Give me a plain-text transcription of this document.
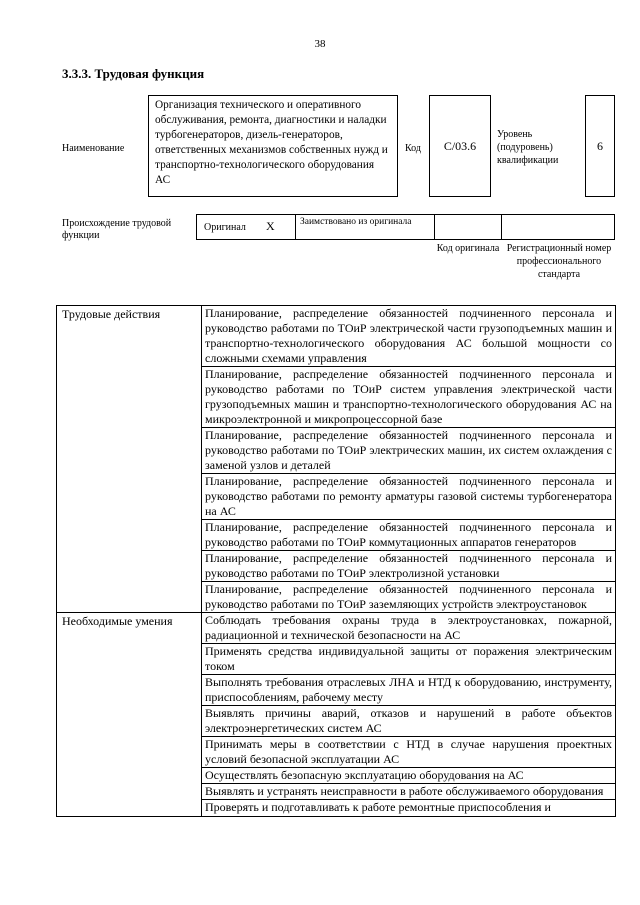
38
3.3.3. Трудовая функция
Наименование
Организация технического и оперативного обслуживания, ремонта, диагностики и наладки турбогенераторов, дизель-генераторов, ответственных механизмов собственных нужд и транспортно-технологического оборудования АС
Код	C/03.6
Уровень (подуровень) квалификации
6
Происхождение трудовой функции
Оригинал X	Заимствовано из оригинала
Код оригинала Регистрационный номер профессионального стандарта
Трудовые действия	Планирование, распределение обязанностей подчиненного персонала и руководство работами по ТОиР электрической части грузоподъемных машин и транспортно-технологического оборудования АС большой мощности со сложными схемами управления
	Планирование, распределение обязанностей подчиненного персонала и руководство работами по ТОиР систем управления электрической части грузоподъемных машин и транспортно-технологического оборудования АС на микроэлектронной и микропроцессорной базе
	Планирование, распределение обязанностей подчиненного персонала и руководство работами по ТОиР электрических машин, их систем охлаждения с заменой узлов и деталей
	Планирование, распределение обязанностей подчиненного персонала и руководство работами по ремонту арматуры газовой системы турбогенератора на АС
	Планирование, распределение обязанностей подчиненного персонала и руководство работами по ТОиР коммутационных аппаратов генераторов
	Планирование, распределение обязанностей подчиненного персонала и руководство работами по ТОиР электролизной установки
	Планирование, распределение обязанностей подчиненного персонала и руководство работами по ТОиР заземляющих устройств электроустановок
Необходимые умения	Соблюдать требования охраны труда в электроустановках, пожарной, радиационной и технической безопасности на АС
	Применять средства индивидуальной защиты от поражения электрическим током
	Выполнять требования отраслевых ЛНА и НТД к оборудованию, инструменту, приспособлениям, рабочему месту
	Выявлять причины аварий, отказов и нарушений в работе объектов электроэнергетических систем АС
	Принимать меры в соответствии с НТД в случае нарушения проектных условий безопасной эксплуатации АС
	Осуществлять безопасную эксплуатацию оборудования на АС
	Выявлять и устранять неисправности в работе обслуживаемого оборудования
	Проверять и подготавливать к работе ремонтные приспособления и
